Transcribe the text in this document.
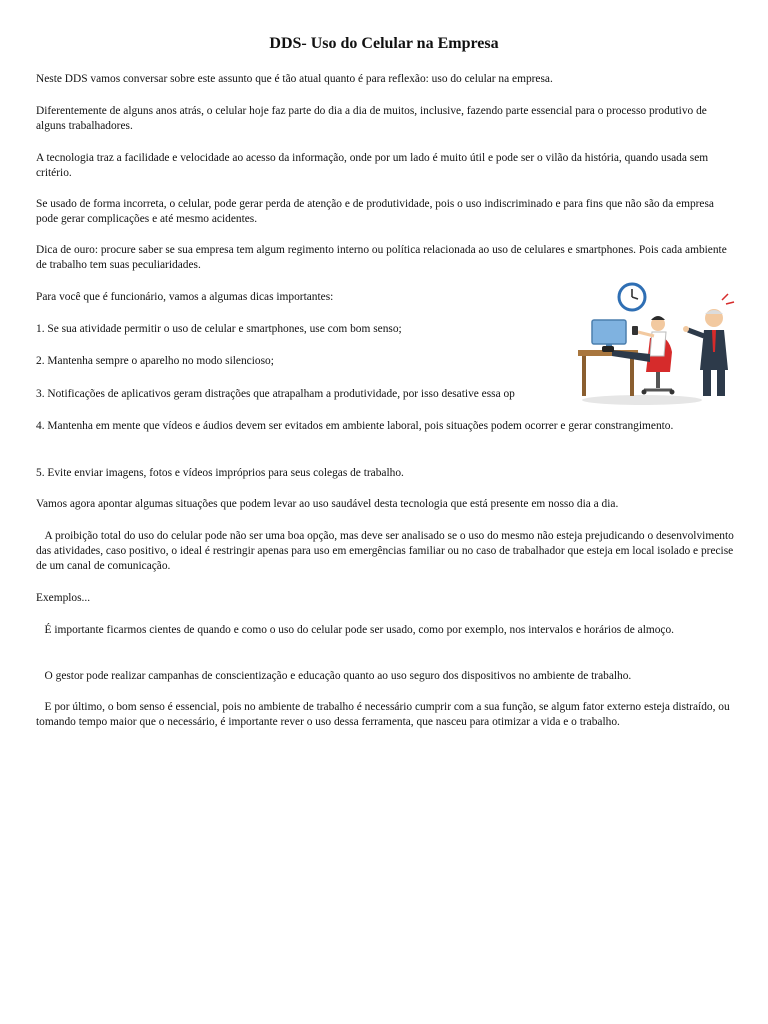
DDS- Uso do Celular na Empresa

Neste DDS vamos conversar sobre este assunto que é tão atual quanto é para reflexão: uso do celular na empresa.

Diferentemente de alguns anos atrás, o celular hoje faz parte do dia a dia de muitos, inclusive, fazendo parte essencial para o processo produtivo de alguns trabalhadores.

A tecnologia traz a facilidade e velocidade ao acesso da informação, onde por um lado é muito útil e pode ser o vilão da história, quando usada sem critério.

Se usado de forma incorreta, o celular, pode gerar perda de atenção e de produtividade, pois o uso indiscriminado e para fins que não são da empresa pode gerar complicações e até mesmo acidentes.

Dica de ouro: procure saber se sua empresa tem algum regimento interno ou política relacionada ao uso de celulares e smartphones. Pois cada ambiente de trabalho tem suas peculiaridades.

Para você que é funcionário, vamos a algumas dicas importantes:

1. Se sua atividade permitir o uso de celular e smartphones, use com bom senso;

2. Mantenha sempre o aparelho no modo silencioso;

3. Notificações de aplicativos geram distrações que atrapalham a produtividade, por isso desative essa op

4. Mantenha em mente que vídeos e áudios devem ser evitados em ambiente laboral, pois situações podem ocorrer e gerar constrangimento.

5. Evite enviar imagens, fotos e vídeos impróprios para seus colegas de trabalho.

Vamos agora apontar algumas situações que podem levar ao uso saudável desta tecnologia que está presente em nosso dia a dia.

A proibição total do uso do celular pode não ser uma boa opção, mas deve ser analisado se o uso do mesmo não esteja prejudicando o desenvolvimento das atividades, caso positivo, o ideal é restringir apenas para uso em emergências familiar ou no caso de trabalhador que esteja em local isolado e precise de um canal de comunicação.

Exemplos...

É importante ficarmos cientes de quando e como o uso do celular pode ser usado, como por exemplo, nos intervalos e horários de almoço.

O gestor pode realizar campanhas de conscientização e educação quanto ao uso seguro dos dispositivos no ambiente de trabalho.

E por último, o bom senso é essencial, pois no ambiente de trabalho é necessário cumprir com a sua função, se algum fator externo esteja distraído, ou tomando tempo maior que o necessário, é importante rever o uso dessa ferramenta, que nasceu para otimizar a vida e o trabalho.
